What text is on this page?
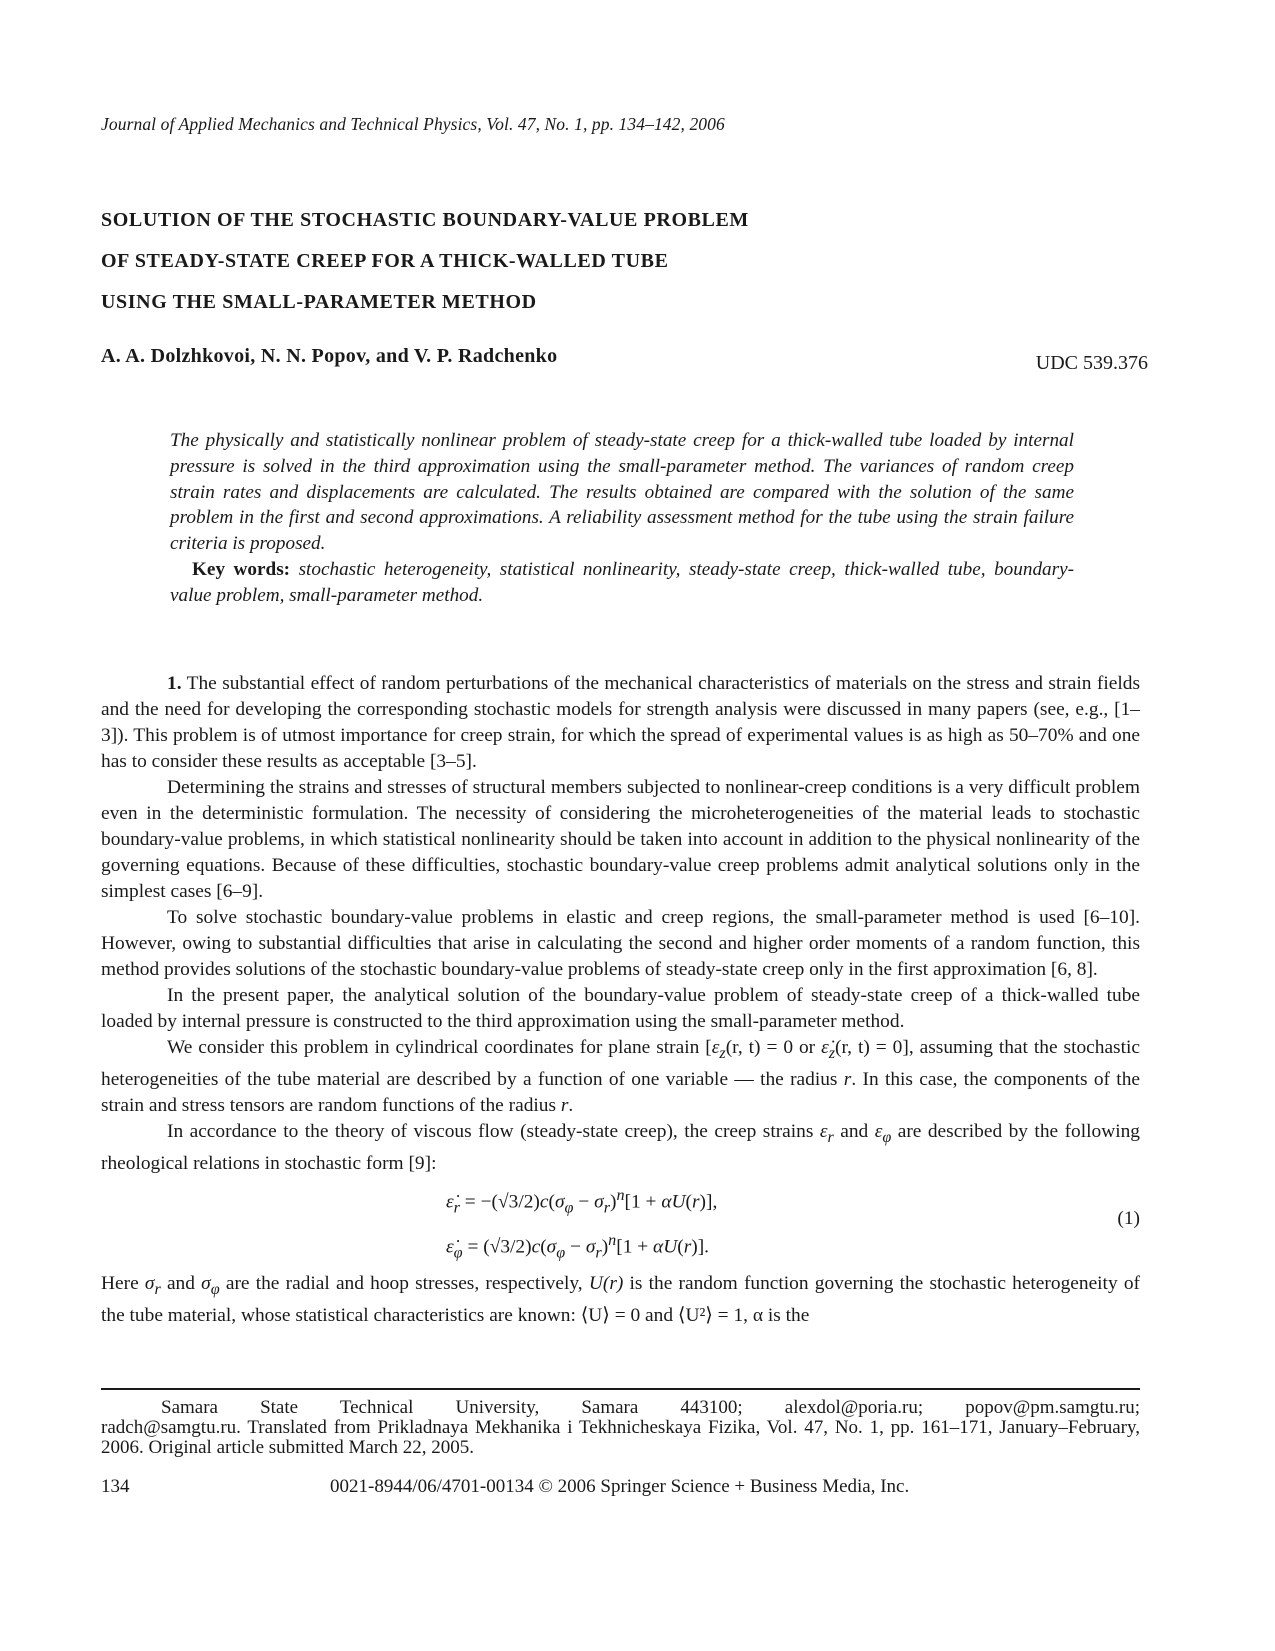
Journal of Applied Mechanics and Technical Physics, Vol. 47, No. 1, pp. 134–142, 2006
SOLUTION OF THE STOCHASTIC BOUNDARY-VALUE PROBLEM
OF STEADY-STATE CREEP FOR A THICK-WALLED TUBE
USING THE SMALL-PARAMETER METHOD
A. A. Dolzhkovoi, N. N. Popov, and V. P. Radchenko	UDC 539.376
The physically and statistically nonlinear problem of steady-state creep for a thick-walled tube loaded by internal pressure is solved in the third approximation using the small-parameter method. The variances of random creep strain rates and displacements are calculated. The results obtained are compared with the solution of the same problem in the first and second approximations. A reliability assessment method for the tube using the strain failure criteria is proposed.
Key words: stochastic heterogeneity, statistical nonlinearity, steady-state creep, thick-walled tube, boundary-value problem, small-parameter method.

1. The substantial effect of random perturbations of the mechanical characteristics of materials on the stress and strain fields and the need for developing the corresponding stochastic models for strength analysis were discussed in many papers (see, e.g., [1–3]). This problem is of utmost importance for creep strain, for which the spread of experimental values is as high as 50–70% and one has to consider these results as acceptable [3–5].

Determining the strains and stresses of structural members subjected to nonlinear-creep conditions is a very difficult problem even in the deterministic formulation. The necessity of considering the microheterogeneities of the material leads to stochastic boundary-value problems, in which statistical nonlinearity should be taken into account in addition to the physical nonlinearity of the governing equations. Because of these difficulties, stochastic boundary-value creep problems admit analytical solutions only in the simplest cases [6–9].

To solve stochastic boundary-value problems in elastic and creep regions, the small-parameter method is used [6–10]. However, owing to substantial difficulties that arise in calculating the second and higher order moments of a random function, this method provides solutions of the stochastic boundary-value problems of steady-state creep only in the first approximation [6, 8].

In the present paper, the analytical solution of the boundary-value problem of steady-state creep of a thick-walled tube loaded by internal pressure is constructed to the third approximation using the small-parameter method.

We consider this problem in cylindrical coordinates for plane strain [$\varepsilon_z(r$, t) = 0 or $\varepsiloṅ_z(r$, t) = 0], assuming that the stochastic heterogeneities of the tube material are described by a function of one variable — the radius r. In this case, the components of the strain and stress tensors are random functions of the radius r.

In accordance to the theory of viscous flow (steady-state creep), the creep strains $\varepsilon_r$ and $\varepsilon_\varphi$ are described by the following rheological relations in stochastic form [9]:

$\varepsiloṅ_r = -(√3/2)c(\sigma_\varphi - \sigma_r)^n[1 + \alpha U(r)]$,
$\varepsiloṅ_\varphi = (√3/2)c(\sigma_\varphi - \sigma_r)^n[1 + \alpha U(r)]$.
(1)

Here $\sigma_r$ and $\sigma_\varphi$ are the radial and hoop stresses, respectively, U(r) is the random function governing the stochastic heterogeneity of the tube material, whose statistical characteristics are known: ⟨U⟩ = 0 and ⟨U²⟩ = 1, α is the

Samara State Technical University, Samara 443100; alexdol@poria.ru; popov@pm.samgtu.ru;
radch@samgtu.ru. Translated from Prikladnaya Mekhanika i Tekhnicheskaya Fizika, Vol. 47, No. 1, pp. 161–171, January–February, 2006. Original article submitted March 22, 2005.
134	0021-8944/06/4701-00134 © 2006 Springer Science + Business Media, Inc.
